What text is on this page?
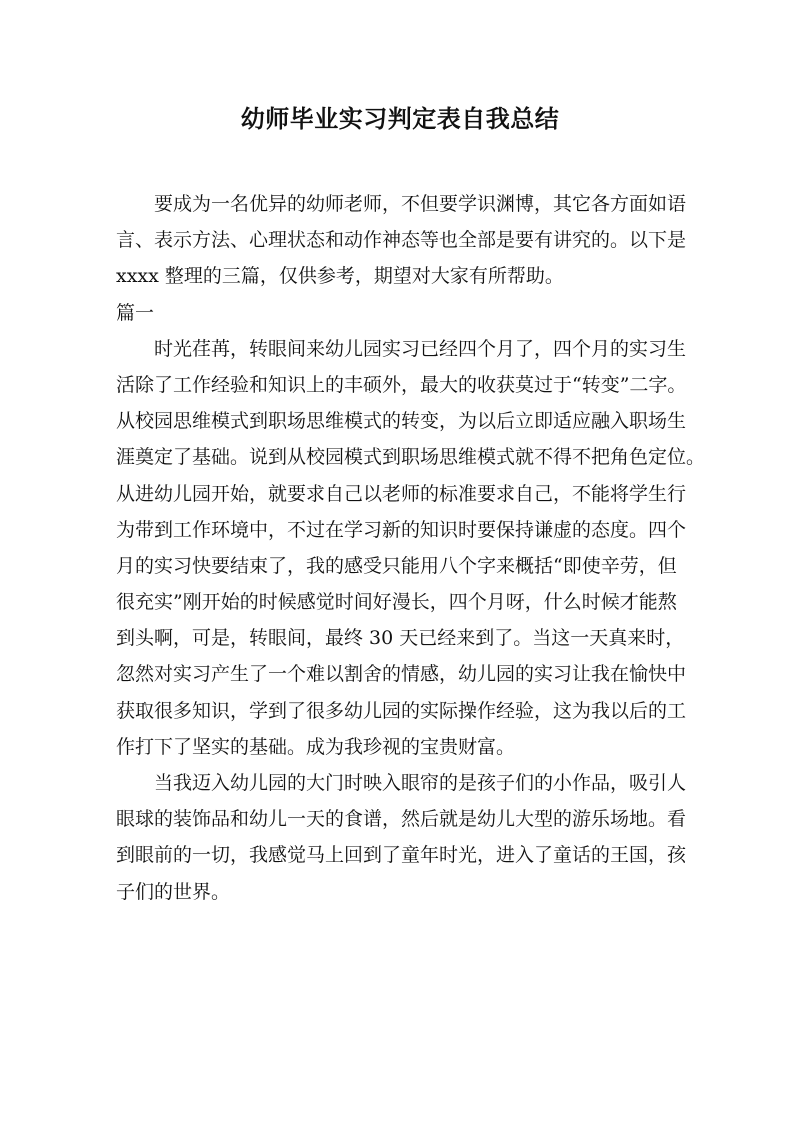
幼师毕业实习判定表自我总结

要成为一名优异的幼师老师，不但要学识渊博，其它各方面如语

言、表示方法、心理状态和动作神态等也全部是要有讲究的。以下是

xxxx 整理的三篇，仅供参考，期望对大家有所帮助。

篇一

时光荏苒，转眼间来幼儿园实习已经四个月了，四个月的实习生

活除了工作经验和知识上的丰硕外，最大的收获莫过于“转变”二字。

从校园思维模式到职场思维模式的转变，为以后立即适应融入职场生

涯奠定了基础。说到从校园模式到职场思维模式就不得不把角色定位。

从进幼儿园开始，就要求自己以老师的标准要求自己，不能将学生行

为带到工作环境中，不过在学习新的知识时要保持谦虚的态度。四个

月的实习快要结束了，我的感受只能用八个字来概括“即使辛劳，但

很充实”刚开始的时候感觉时间好漫长，四个月呀，什么时候才能熬

到头啊，可是，转眼间，最终 30 天已经来到了。当这一天真来时，

忽然对实习产生了一个难以割舍的情感，幼儿园的实习让我在愉快中

获取很多知识，学到了很多幼儿园的实际操作经验，这为我以后的工

作打下了坚实的基础。成为我珍视的宝贵财富。

当我迈入幼儿园的大门时映入眼帘的是孩子们的小作品，吸引人

眼球的装饰品和幼儿一天的食谱，然后就是幼儿大型的游乐场地。看

到眼前的一切，我感觉马上回到了童年时光，进入了童话的王国，孩

子们的世界。
